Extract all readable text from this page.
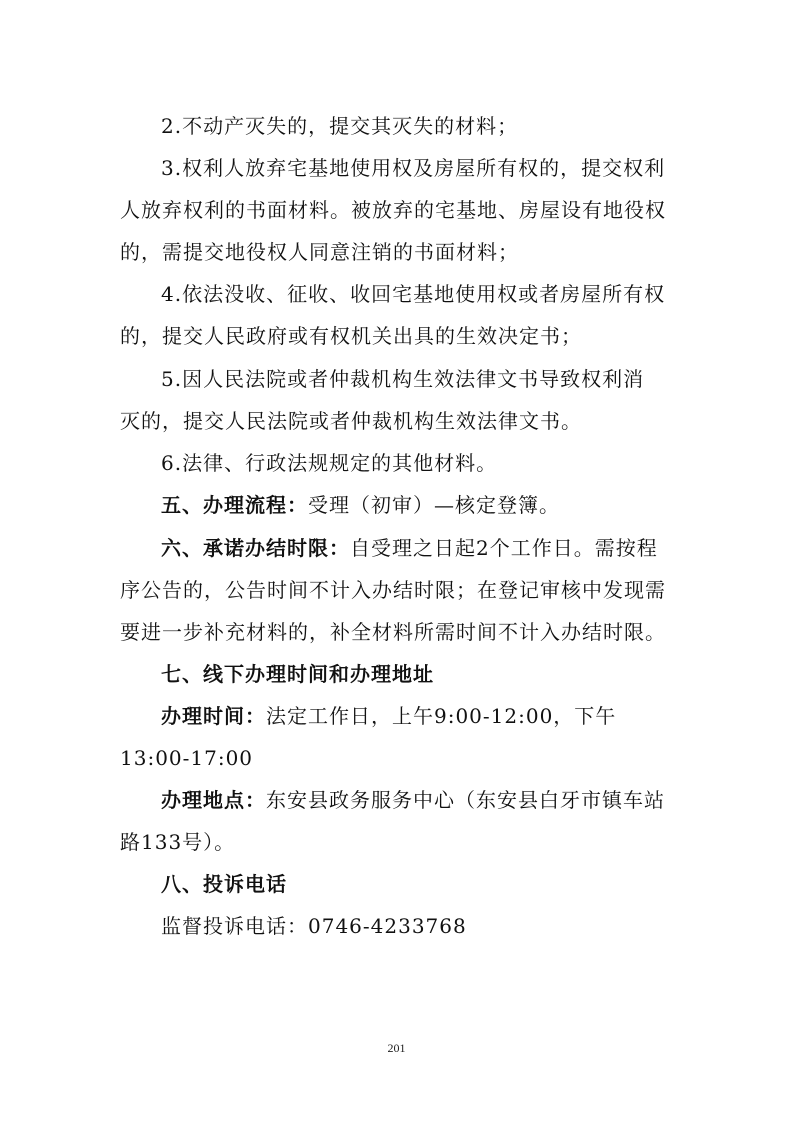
2.不动产灭失的，提交其灭失的材料；
3.权利人放弃宅基地使用权及房屋所有权的，提交权利
人放弃权利的书面材料。被放弃的宅基地、房屋设有地役权
的，需提交地役权人同意注销的书面材料；
4.依法没收、征收、收回宅基地使用权或者房屋所有权
的，提交人民政府或有权机关出具的生效决定书；
5.因人民法院或者仲裁机构生效法律文书导致权利消
灭的，提交人民法院或者仲裁机构生效法律文书。
6.法律、行政法规规定的其他材料。
五、办理流程：受理（初审）—核定登簿。
六、承诺办结时限：自受理之日起2个工作日。需按程
序公告的，公告时间不计入办结时限；在登记审核中发现需
要进一步补充材料的，补全材料所需时间不计入办结时限。
七、线下办理时间和办理地址
办理时间：法定工作日，上午9:00-12:00，下午
13:00-17:00
办理地点：东安县政务服务中心（东安县白牙市镇车站
路133号）。
八、投诉电话
监督投诉电话：0746-4233768
201
